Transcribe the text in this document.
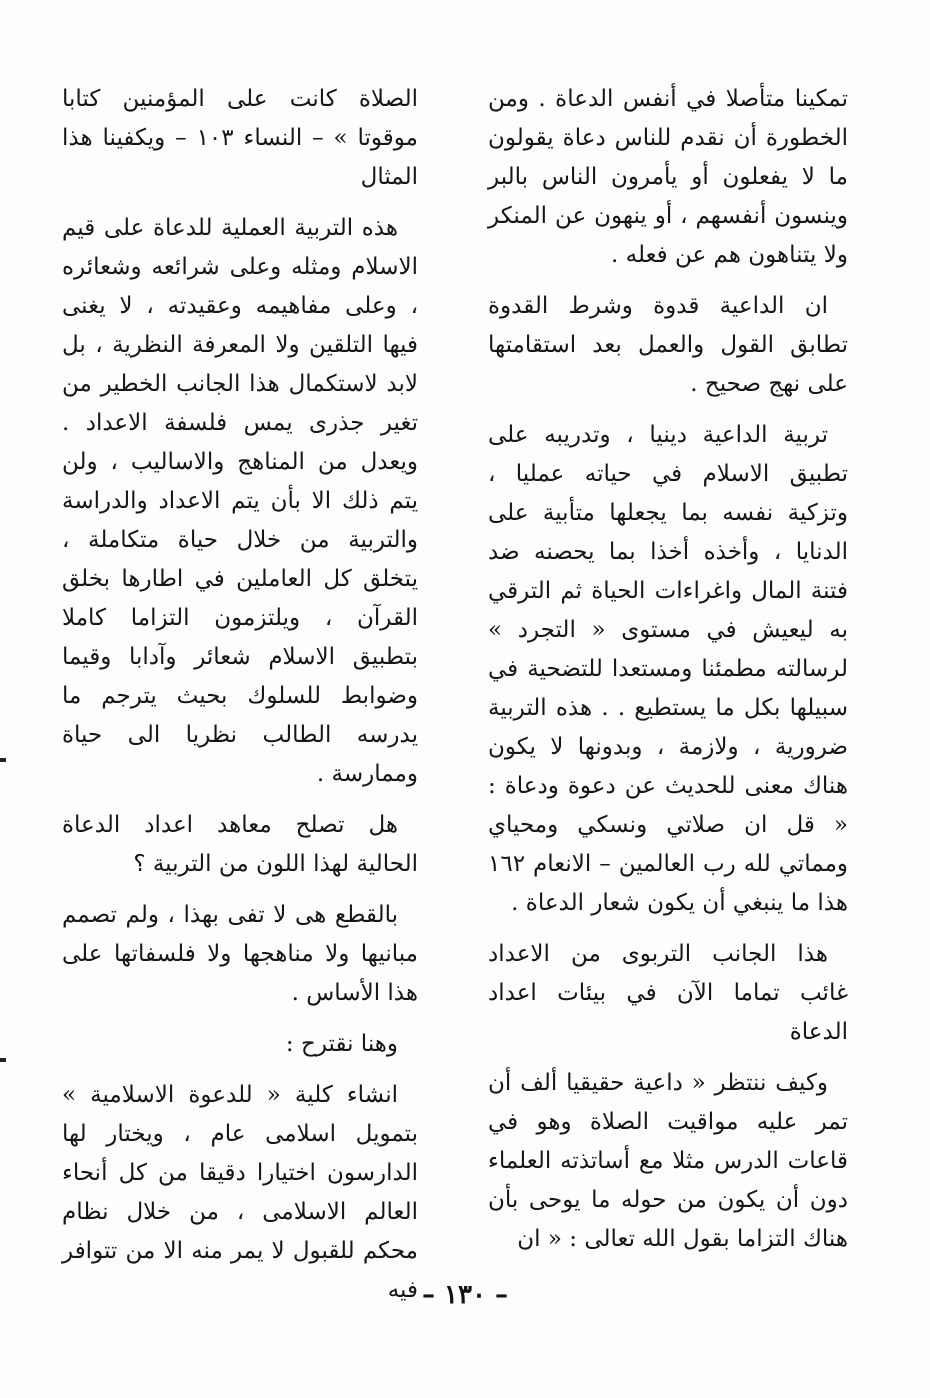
تمكينا متأصلا في أنفس الدعاة . ومن الخطورة أن نقدم للناس دعاة يقولون ما لا يفعلون أو يأمرون الناس بالبر وينسون أنفسهم ، أو ينهون عن المنكر ولا يتناهون هم عن فعله .

ان الداعية قدوة وشرط القدوة تطابق القول والعمل بعد استقامتها على نهج صحيح .

تربية الداعية دينيا ، وتدريبه على تطبيق الاسلام في حياته عمليا ، وتزكية نفسه بما يجعلها متأبية على الدنايا ، وأخذه أخذا بما يحصنه ضد فتنة المال واغراءات الحياة ثم الترقي به ليعيش في مستوى « التجرد » لرسالته مطمئنا ومستعدا للتضحية في سبيلها بكل ما يستطيع . . هذه التربية ضرورية ، ولازمة ، وبدونها لا يكون هناك معنى للحديث عن دعوة ودعاة : « قل ان صلاتي ونسكي ومحياي ومماتي لله رب العالمين – الانعام ١٦٢ هذا ما ينبغي أن يكون شعار الدعاة .

هذا الجانب التربوى من الاعداد غائب تماما الآن في بيئات اعداد الدعاة

وكيف ننتظر « داعية حقيقيا ألف أن تمر عليه مواقيت الصلاة وهو في قاعات الدرس مثلا مع أساتذته العلماء دون أن يكون من حوله ما يوحى بأن هناك التزاما بقول الله تعالى : « ان

الصلاة كانت على المؤمنين كتابا موقوتا » – النساء ١٠٣ – ويكفينا هذا المثال

هذه التربية العملية للدعاة على قيم الاسلام ومثله وعلى شرائعه وشعائره ، وعلى مفاهيمه وعقيدته ، لا يغنى فيها التلقين ولا المعرفة النظرية ، بل لابد لاستكمال هذا الجانب الخطير من تغير جذرى يمس فلسفة الاعداد . ويعدل من المناهج والاساليب ، ولن يتم ذلك الا بأن يتم الاعداد والدراسة والتربية من خلال حياة متكاملة ، يتخلق كل العاملين في اطارها بخلق القرآن ، ويلتزمون التزاما كاملا بتطبيق الاسلام شعائر وآدابا وقيما وضوابط للسلوك بحيث يترجم ما يدرسه الطالب نظريا الى حياة وممارسة .

هل تصلح معاهد اعداد الدعاة الحالية لهذا اللون من التربية ؟

بالقطع هى لا تفى بهذا ، ولم تصمم مبانيها ولا مناهجها ولا فلسفاتها على هذا الأساس .

وهنا نقترح :

انشاء كلية « للدعوة الاسلامية » بتمويل اسلامى عام ، ويختار لها الدارسون اختيارا دقيقا من كل أنحاء العالم الاسلامى ، من خلال نظام محكم للقبول لا يمر منه الا من تتوافر فيه – ١٣٠ –
